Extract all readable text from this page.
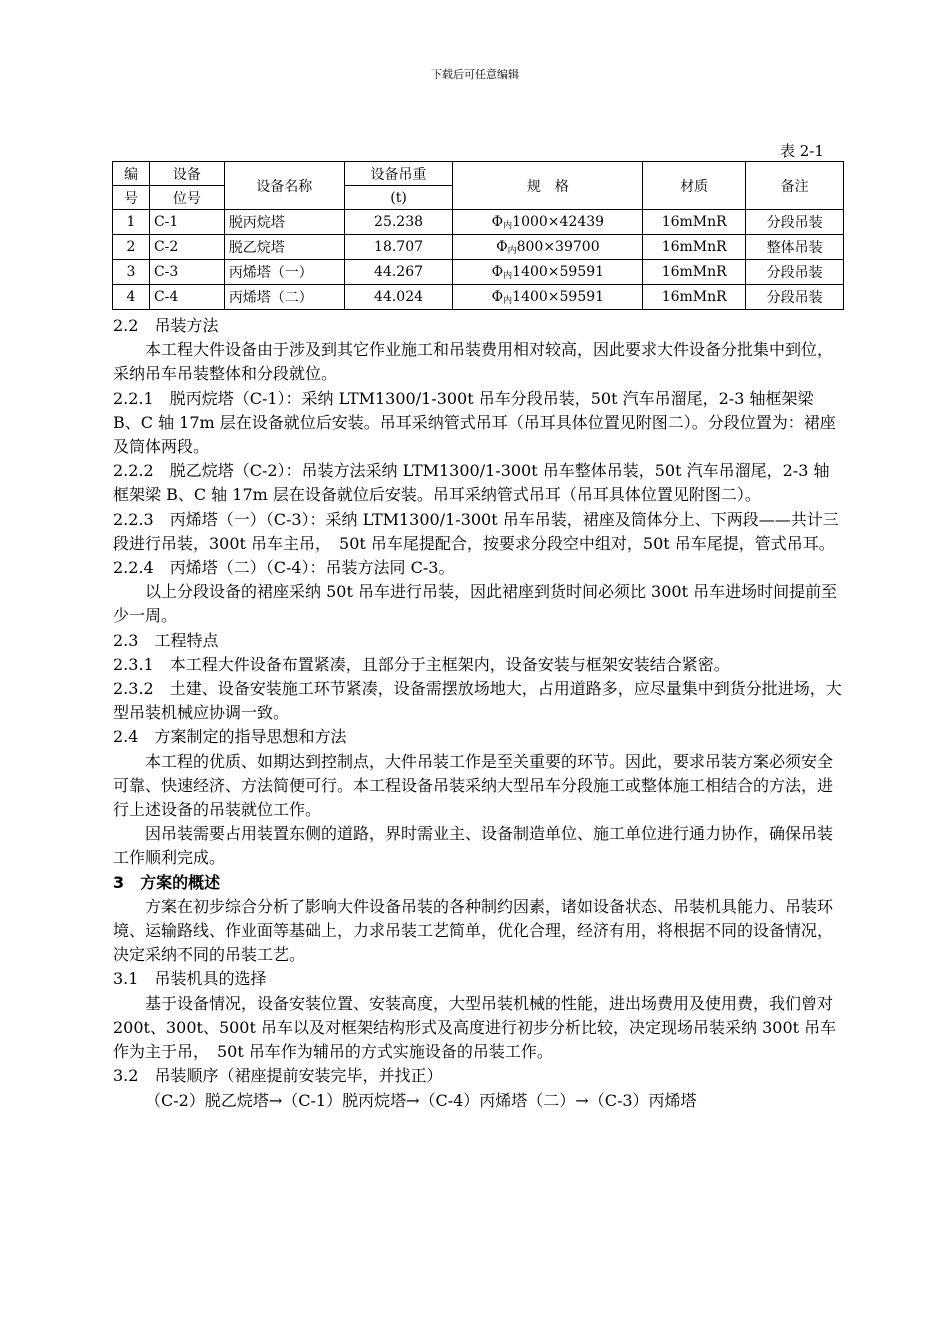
下载后可任意编辑
表 2-1
编	设备	设备名称	设备吊重	规　格	材质	备注
号	位号		(t)			
1	C-1	脱丙烷塔	25.238	$\Phi_内1000\times 42439$	16mMnR	分段吊装
2	C-2	脱乙烷塔	18.707	$\Phi_内800\times 39700$	16mMnR	整体吊装
3	C-3	丙烯塔（一）	44.267	$\Phi_内1400\times 59591$	16mMnR	分段吊装
4	C-4	丙烯塔（二）	44.024	$\Phi_内1400\times 59591$	16mMnR	分段吊装

2.2　吊装方法

本工程大件设备由于涉及到其它作业施工和吊装费用相对较高，因此要求大件设备分批集中到位，采纳吊车吊装整体和分段就位。

2.2.1　脱丙烷塔（C-1）：采纳 LTM1300/1-300t 吊车分段吊装，50t 汽车吊溜尾，2-3 轴框架梁 B、C 轴 17m 层在设备就位后安装。吊耳采纳管式吊耳（吊耳具体位置见附图二）。分段位置为：裙座及筒体两段。

2.2.2　脱乙烷塔（C-2）：吊装方法采纳 LTM1300/1-300t 吊车整体吊装，50t 汽车吊溜尾，2-3 轴框架梁 B、C 轴 17m 层在设备就位后安装。吊耳采纳管式吊耳（吊耳具体位置见附图二）。

2.2.3　丙烯塔（一）（C-3）：采纳 LTM1300/1-300t 吊车吊装，裙座及筒体分上、下两段——共计三段进行吊装，300t 吊车主吊，　50t 吊车尾提配合，按要求分段空中组对，50t 吊车尾提，管式吊耳。

2.2.4　丙烯塔（二）（C-4）：吊装方法同 C-3。

以上分段设备的裙座采纳 50t 吊车进行吊装，因此裙座到货时间必须比 300t 吊车进场时间提前至少一周。

2.3　工程特点

2.3.1　本工程大件设备布置紧凑，且部分于主框架内，设备安装与框架安装结合紧密。

2.3.2　土建、设备安装施工环节紧凑，设备需摆放场地大，占用道路多，应尽量集中到货分批进场，大型吊装机械应协调一致。

2.4　方案制定的指导思想和方法

本工程的优质、如期达到控制点，大件吊装工作是至关重要的环节。因此，要求吊装方案必须安全可靠、快速经济、方法简便可行。本工程设备吊装采纳大型吊车分段施工或整体施工相结合的方法，进行上述设备的吊装就位工作。

因吊装需要占用装置东侧的道路，界时需业主、设备制造单位、施工单位进行通力协作，确保吊装工作顺利完成。

3　方案的概述

方案在初步综合分析了影响大件设备吊装的各种制约因素，诸如设备状态、吊装机具能力、吊装环境、运输路线、作业面等基础上，力求吊装工艺简单，优化合理，经济有用，将根据不同的设备情况，决定采纳不同的吊装工艺。

3.1　吊装机具的选择

基于设备情况，设备安装位置、安装高度，大型吊装机械的性能，进出场费用及使用费，我们曾对 200t、300t、500t 吊车以及对框架结构形式及高度进行初步分析比较，决定现场吊装采纳 300t 吊车作为主于吊，　50t 吊车作为辅吊的方式实施设备的吊装工作。

3.2　吊装顺序（裙座提前安装完毕，并找正）

（C-2）脱乙烷塔→（C-1）脱丙烷塔→（C-4）丙烯塔（二）→（C-3）丙烯塔
